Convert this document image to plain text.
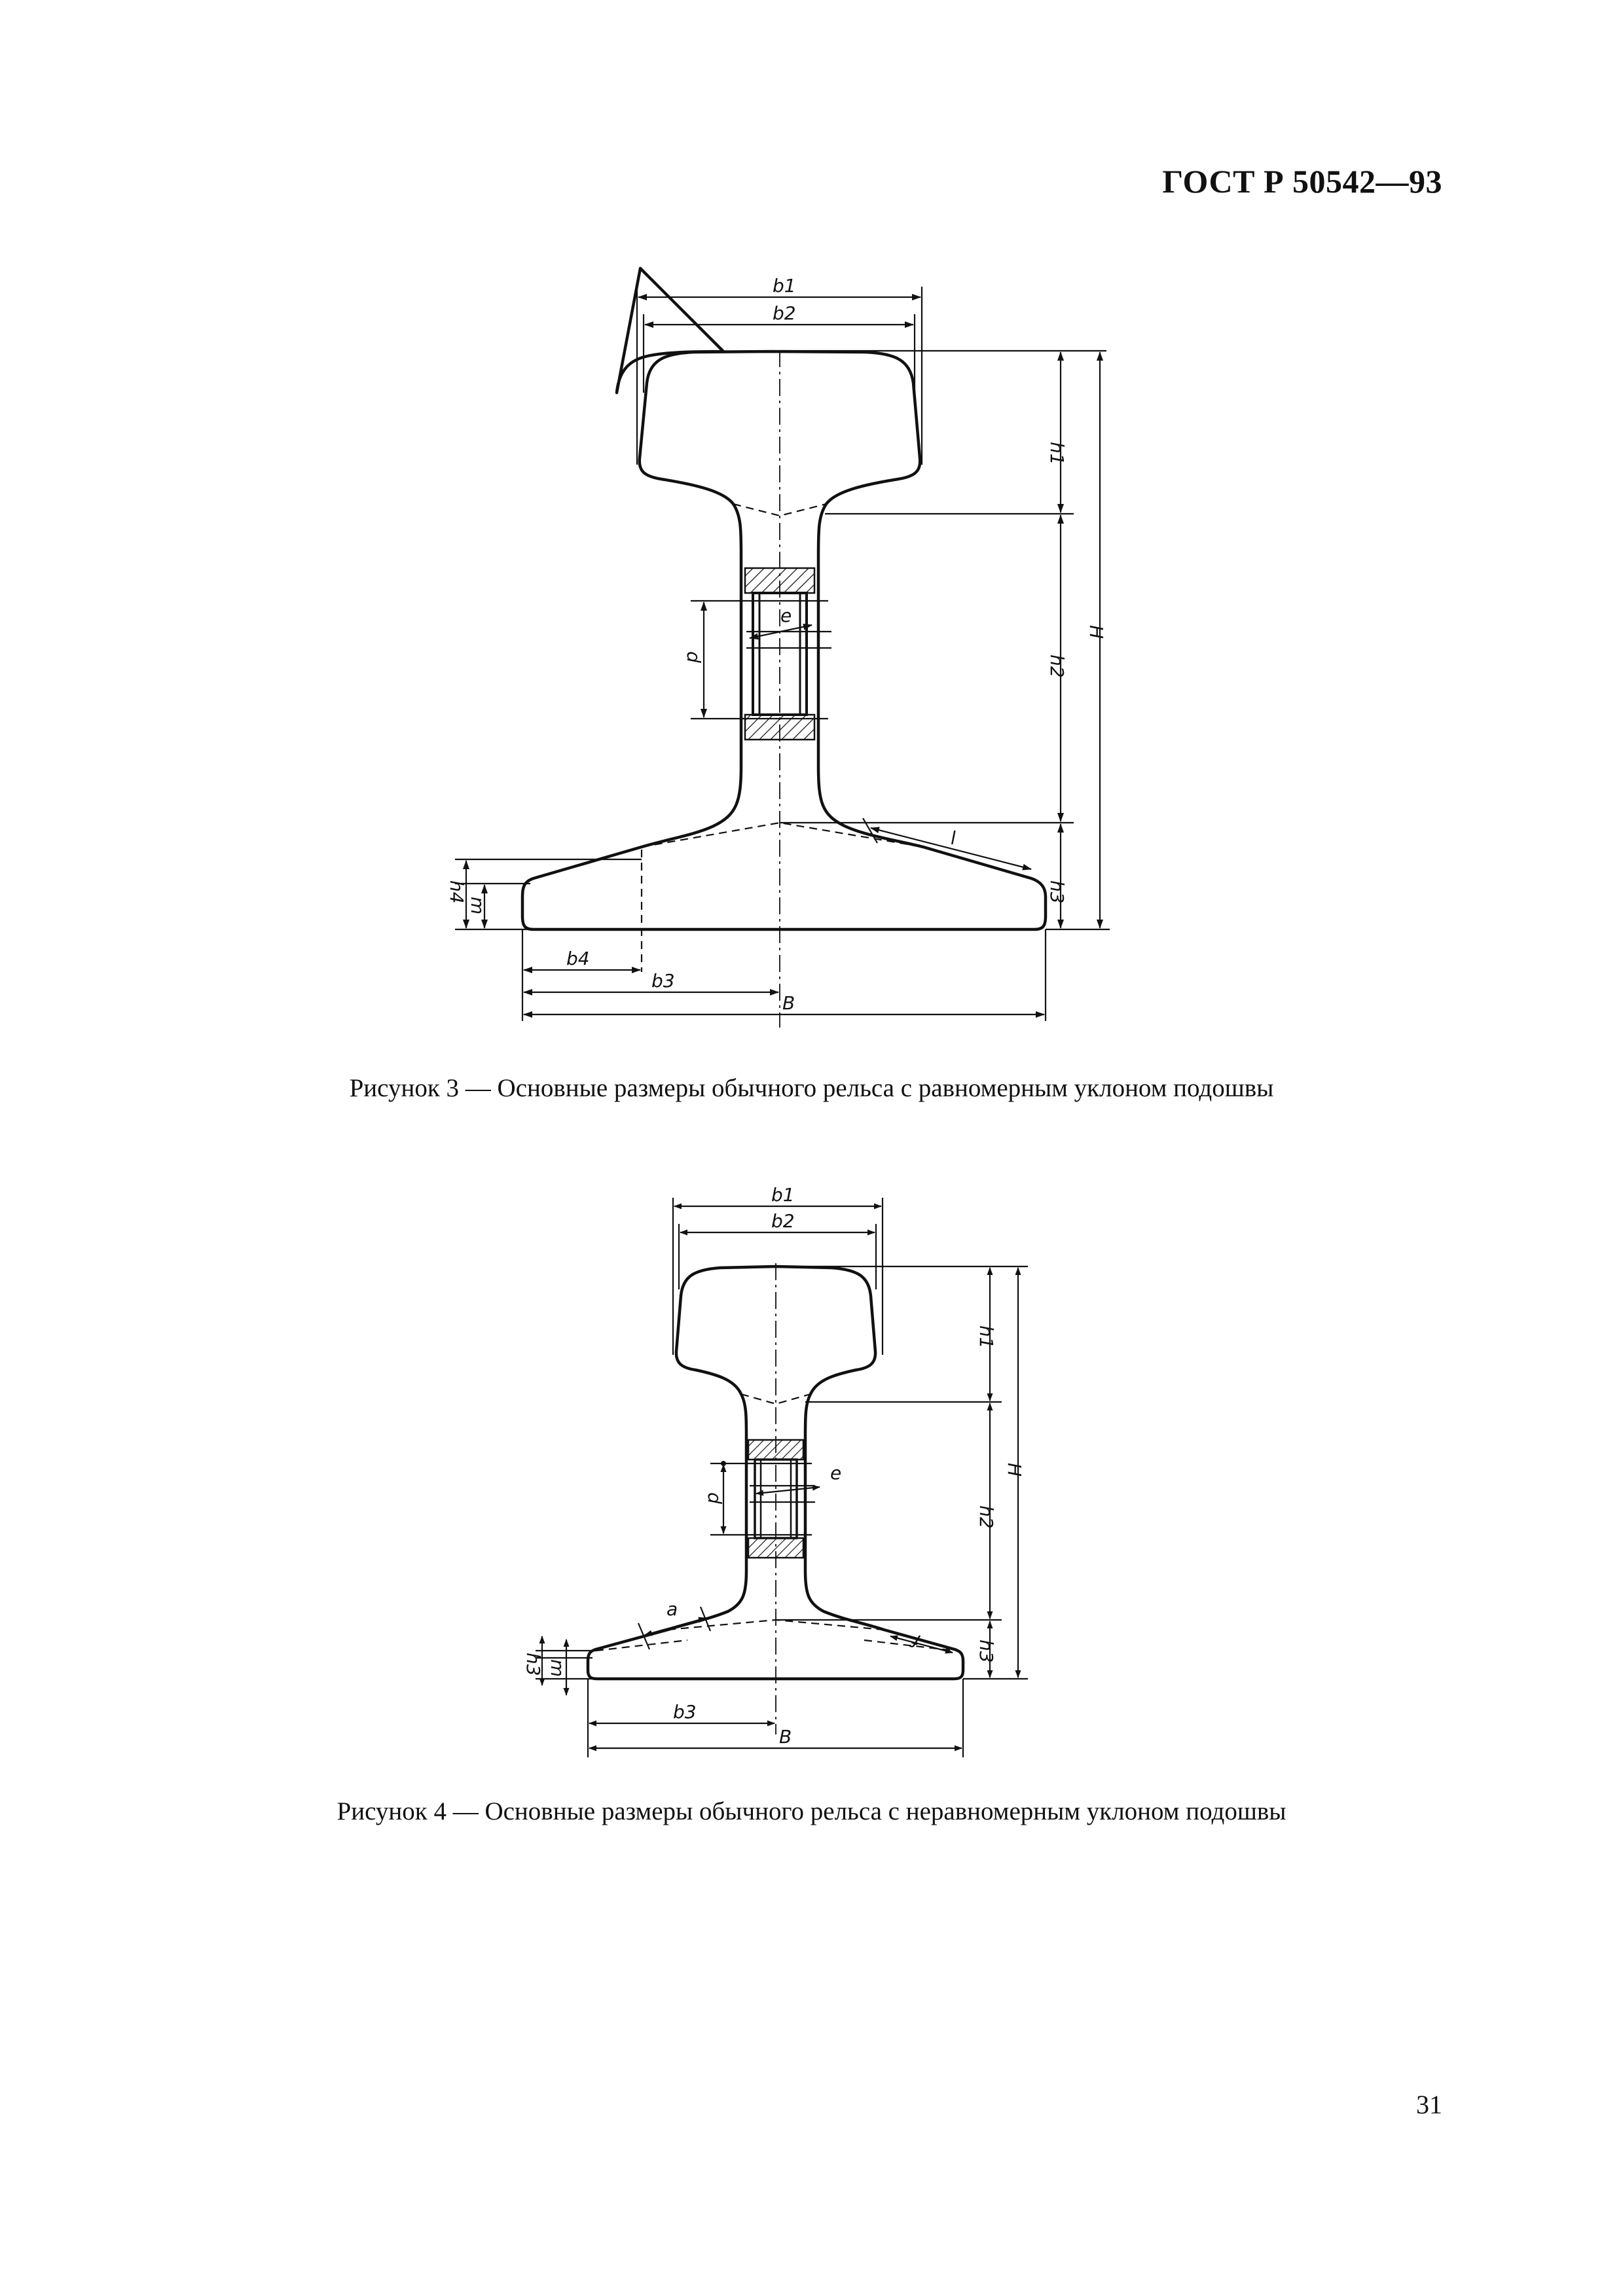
ГОСТ Р 50542—93
b1
b2
h1
h2
H
h3
l
d
e
h4
m
b4
b3
B
Рисунок 3 — Основные размеры обычного рельса с равномерным уклоном подошвы
b1
b2
h1
h2
H
h3
a
f
d
e
h3 m
b3
B
Рисунок 4 — Основные размеры обычного рельса с неравномерным уклоном подошвы
31
